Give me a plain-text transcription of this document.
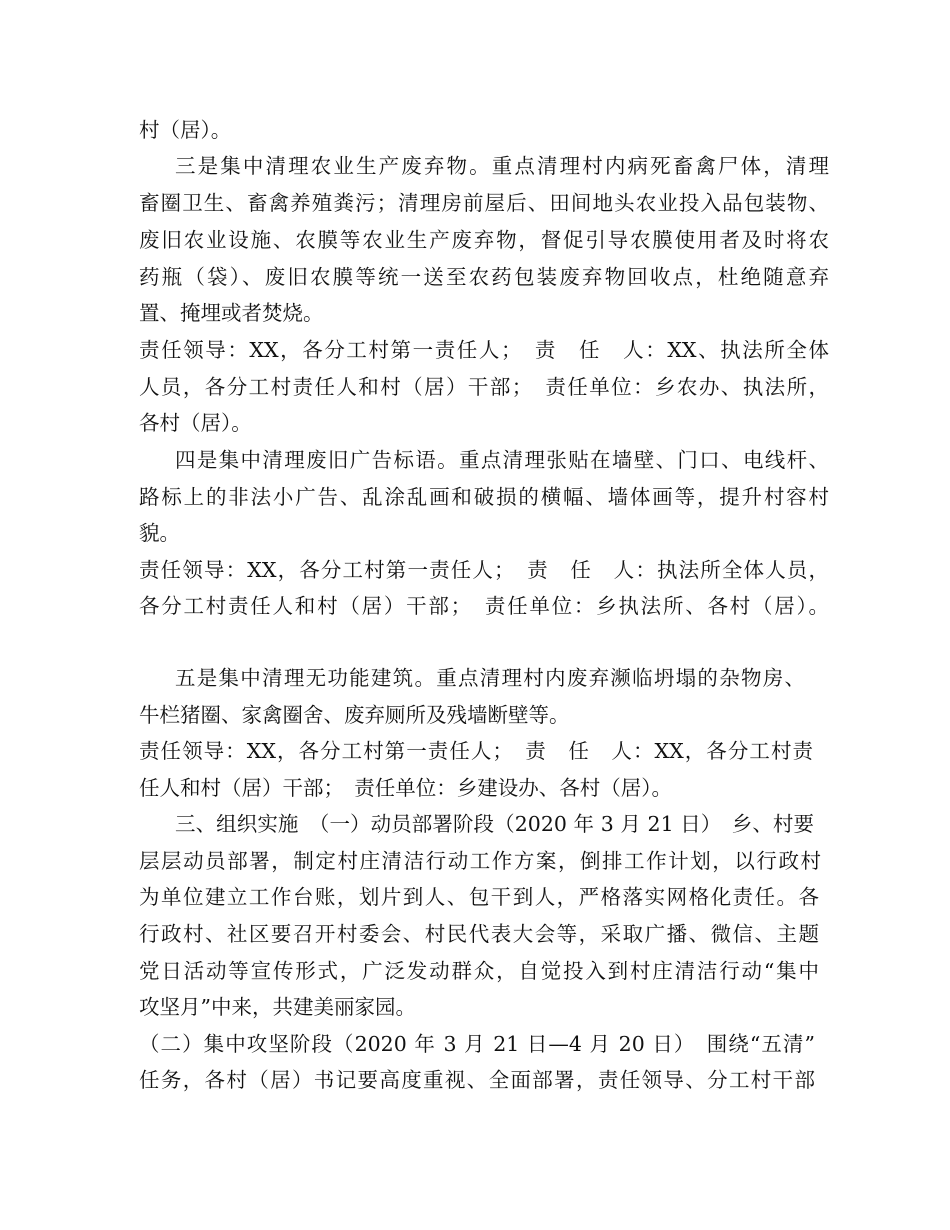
村（居）。
三是集中清理农业生产废弃物。重点清理村内病死畜禽尸体，清理
畜圈卫生、畜禽养殖粪污；清理房前屋后、田间地头农业投入品包装物、
废旧农业设施、农膜等农业生产废弃物，督促引导农膜使用者及时将农
药瓶（袋）、废旧农膜等统一送至农药包装废弃物回收点，杜绝随意弃
置、掩埋或者焚烧。
责任领导：XX，各分工村第一责任人；　责　任　人：XX、执法所全体
人员，各分工村责任人和村（居）干部；　责任单位：乡农办、执法所，
各村（居）。
四是集中清理废旧广告标语。重点清理张贴在墙壁、门口、电线杆、
路标上的非法小广告、乱涂乱画和破损的横幅、墙体画等，提升村容村
貌。
责任领导：XX，各分工村第一责任人；　责　任　人：执法所全体人员，
各分工村责任人和村（居）干部；　责任单位：乡执法所、各村（居）。
五是集中清理无功能建筑。重点清理村内废弃濒临坍塌的杂物房、
牛栏猪圈、家禽圈舍、废弃厕所及残墙断壁等。
责任领导：XX，各分工村第一责任人；　责　任　人：XX，各分工村责
任人和村（居）干部；　责任单位：乡建设办、各村（居）。
三、组织实施　（一）动员部署阶段（2020 年 3 月 21 日）　乡、村要
层层动员部署，制定村庄清洁行动工作方案，倒排工作计划，以行政村
为单位建立工作台账，划片到人、包干到人，严格落实网格化责任。各
行政村、社区要召开村委会、村民代表大会等，采取广播、微信、主题
党日活动等宣传形式，广泛发动群众，自觉投入到村庄清洁行动“集中
攻坚月”中来，共建美丽家园。
（二）集中攻坚阶段（2020 年 3 月 21 日—4 月 20 日）　围绕“五清”
任务，各村（居）书记要高度重视、全面部署，责任领导、分工村干部
